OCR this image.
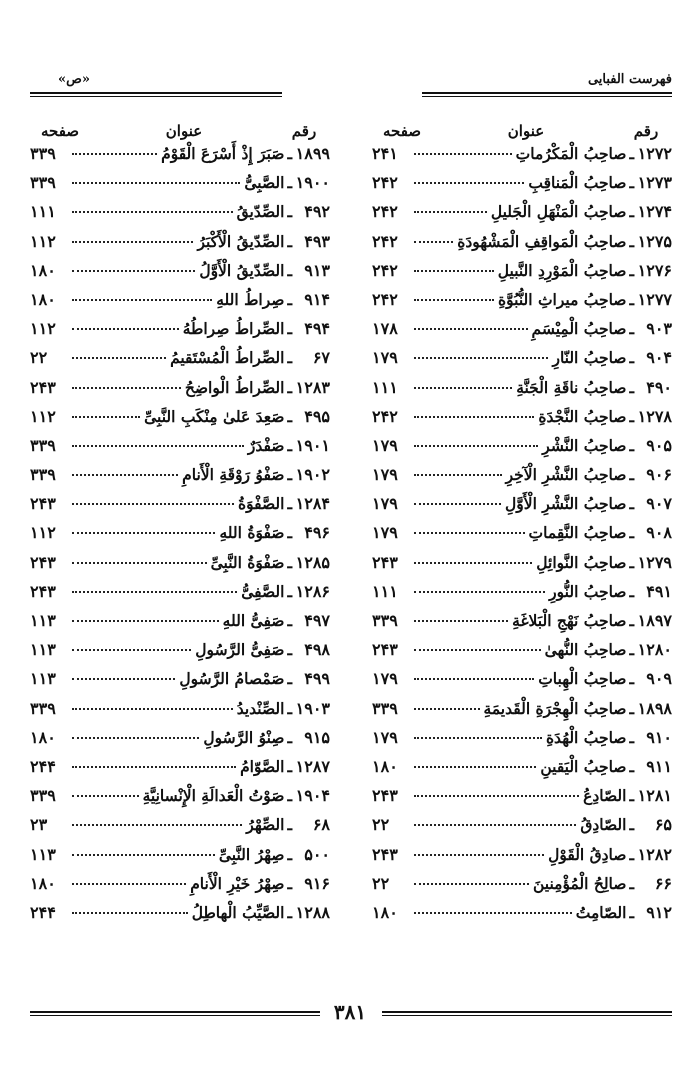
فهرست الفبایی
«ص»
رقم
عنوان
صفحه
۱۲۷۲
ـ
صاحِبُ الْمَکْرُماتِ
۲۴۱
۱۲۷۳
ـ
صاحِبُ الْمَناقِبِ
۲۴۲
۱۲۷۴
ـ
صاحِبُ الْمَنْهَلِ الْجَلیلِ
۲۴۲
۱۲۷۵
ـ
صاحِبُ الْمَواقِفِ الْمَشْهُودَةِ
۲۴۲
۱۲۷۶
ـ
صاحِبُ الْمَوْرِدِ النَّبیلِ
۲۴۲
۱۲۷۷
ـ
صاحِبُ میراثِ النُّبُوَّةِ
۲۴۲
۹۰۳
ـ
صاحِبُ الْمِیْسَمِ
۱۷۸
۹۰۴
ـ
صاحِبُ النّارِ
۱۷۹
۴۹۰
ـ
صاحِبُ ناقَةِ الْجَنَّةِ
۱۱۱
۱۲۷۸
ـ
صاحِبُ النَّجْدَةِ
۲۴۲
۹۰۵
ـ
صاحِبُ النَّشْرِ
۱۷۹
۹۰۶
ـ
صاحِبُ النَّشْرِ الْآخِرِ
۱۷۹
۹۰۷
ـ
صاحِبُ النَّشْرِ الْأَوَّلِ
۱۷۹
۹۰۸
ـ
صاحِبُ النَّقِماتِ
۱۷۹
۱۲۷۹
ـ
صاحِبُ النَّوائِلِ
۲۴۳
۴۹۱
ـ
صاحِبُ النُّورِ
۱۱۱
۱۸۹۷
ـ
صاحِبُ نَهْجِ الْبَلاغَةِ
۳۳۹
۱۲۸۰
ـ
صاحِبُ النُّهیٰ
۲۴۳
۹۰۹
ـ
صاحِبُ الْهِباتِ
۱۷۹
۱۸۹۸
ـ
صاحِبُ الْهِجْرَةِ الْقَدیمَةِ
۳۳۹
۹۱۰
ـ
صاحِبُ الْهُدَةِ
۱۷۹
۹۱۱
ـ
صاحِبُ الْیَقینِ
۱۸۰
۱۲۸۱
ـ
الصّادِعُ
۲۴۳
۶۵
ـ
الصّادِقُ
۲۲
۱۲۸۲
ـ
صادِقُ الْقَوْلِ
۲۴۳
۶۶
ـ
صالِحُ الْمُؤْمِنینَ
۲۲
۹۱۲
ـ
الصّامِتُ
۱۸۰
رقم
عنوان
صفحه
۱۸۹۹
ـ
صَبَرَ إِذْ أَسْرَعَ الْقَوْمُ
۳۳۹
۱۹۰۰
ـ
الصَّبِیُّ
۳۳۹
۴۹۲
ـ
الصِّدّیقُ
۱۱۱
۴۹۳
ـ
الصِّدّیقُ الْأَکْبَرُ
۱۱۲
۹۱۳
ـ
الصِّدّیقُ الْأَوَّلُ
۱۸۰
۹۱۴
ـ
صِراطُ اللهِ
۱۸۰
۴۹۴
ـ
الصِّراطُ صِراطُهُ
۱۱۲
۶۷
ـ
الصِّراطُ الْمُسْتَقیمُ
۲۲
۱۲۸۳
ـ
الصِّراطُ الْواضِحُ
۲۴۳
۴۹۵
ـ
صَعِدَ عَلیٰ مِنْکَبِ النَّبِیِّ
۱۱۲
۱۹۰۱
ـ
صَفْدَرٌ
۳۳۹
۱۹۰۲
ـ
صَفْوُ رَوْقَةِ الْأَنامِ
۳۳۹
۱۲۸۴
ـ
الصَّفْوَةُ
۲۴۳
۴۹۶
ـ
صَفْوَةُ اللهِ
۱۱۲
۱۲۸۵
ـ
صَفْوَةُ النَّبِیِّ
۲۴۳
۱۲۸۶
ـ
الصَّفِیُّ
۲۴۳
۴۹۷
ـ
صَفِیُّ اللهِ
۱۱۳
۴۹۸
ـ
صَفِیُّ الرَّسُولِ
۱۱۳
۴۹۹
ـ
صَمْصامُ الرَّسُولِ
۱۱۳
۱۹۰۳
ـ
الصِّنْدیدُ
۳۳۹
۹۱۵
ـ
صِنْوُ الرَّسُولِ
۱۸۰
۱۲۸۷
ـ
الصَّوّامُ
۲۴۴
۱۹۰۴
ـ
صَوْتُ الْعَدالَةِ الْإِنْسانِیَّةِ
۳۳۹
۶۸
ـ
الصِّهْرُ
۲۳
۵۰۰
ـ
صِهْرُ النَّبِیِّ
۱۱۳
۹۱۶
ـ
صِهْرُ خَیْرِ الْأَنامِ
۱۸۰
۱۲۸۸
ـ
الصَّیِّبُ الْهاطِلُ
۲۴۴
۳۸۱
